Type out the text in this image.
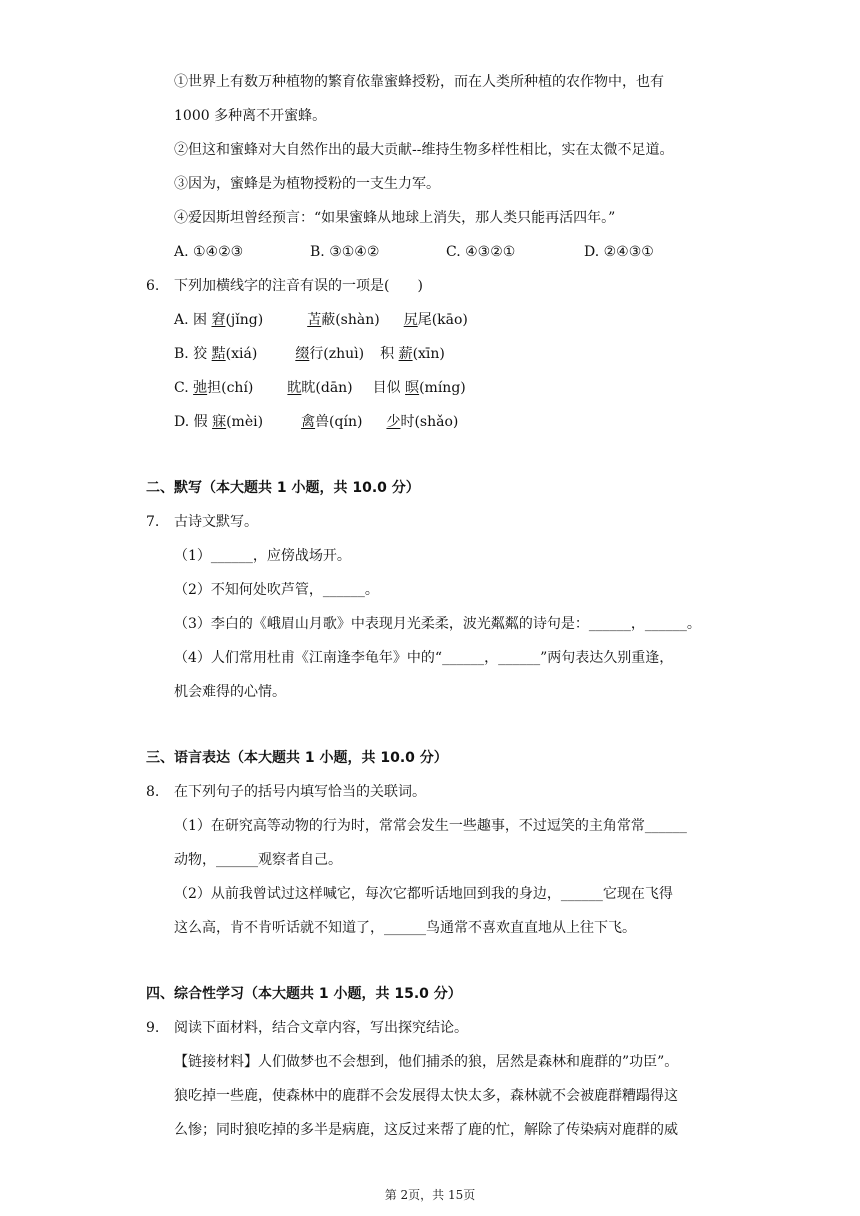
①世界上有数万种植物的繁育依靠蜜蜂授粉，而在人类所种植的农作物中，也有
1000 多种离不开蜜蜂。
②但这和蜜蜂对大自然作出的最大贡献--维持生物多样性相比，实在太微不足道。
③因为，蜜蜂是为植物授粉的一支生力军。
④爱因斯坦曾经预言：“如果蜜蜂从地球上消失，那人类只能再活四年。”
A. ①④②③	B. ③①④②	C. ④③②①	D. ②④③①
6. 下列加横线字的注音有误的一项是(　　)
A. 困 窘(jǐng)	苫蔽(shàn) 尻尾(kāo)
B. 狡 黠(xiá)	缀行(zhuì) 积 薪(xīn)
C. 弛担(chí) 眈眈(dān) 目似 暝(míng)
D. 假 寐(mèi)	禽兽(qín) 少时(shǎo)
二、默写（本大题共 1 小题，共 10.0 分）
7. 古诗文默写。
（1）______，应傍战场开。
（2）不知何处吹芦管，______。
（3）李白的《峨眉山月歌》中表现月光柔柔，波光粼粼的诗句是：______，______。
（4）人们常用杜甫《江南逢李龟年》中的“______，______”两句表达久别重逢，
机会难得的心情。
三、语言表达（本大题共 1 小题，共 10.0 分）
8. 在下列句子的括号内填写恰当的关联词。
（1）在研究高等动物的行为时，常常会发生一些趣事，不过逗笑的主角常常______
动物，______观察者自己。
（2）从前我曾试过这样喊它，每次它都听话地回到我的身边，______它现在飞得
这么高，肯不肯听话就不知道了，______鸟通常不喜欢直直地从上往下飞。
四、综合性学习（本大题共 1 小题，共 15.0 分）
9. 阅读下面材料，结合文章内容，写出探究结论。
【链接材料】人们做梦也不会想到，他们捕杀的狼，居然是森林和鹿群的”功臣”。
狼吃掉一些鹿，使森林中的鹿群不会发展得太快太多，森林就不会被鹿群糟蹋得这
么惨；同时狼吃掉的多半是病鹿，这反过来帮了鹿的忙，解除了传染病对鹿群的威
第 2页，共 15页
